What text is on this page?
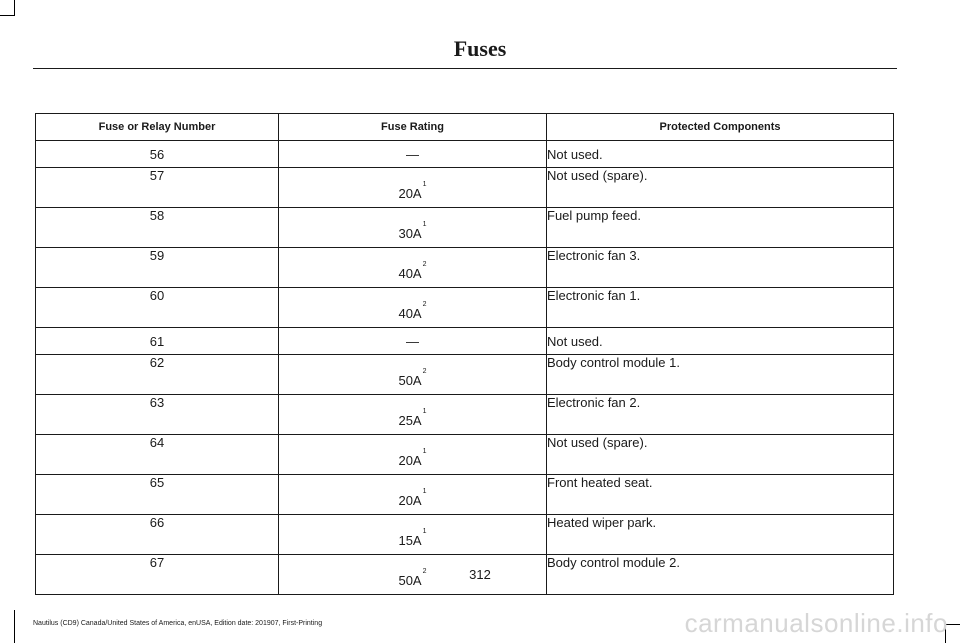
Fuses
Fuse or Relay Number	Fuse Rating	Protected Components
56	—	Not used.
57	20A$^1$	Not used (spare).
58	30A$^1$	Fuel pump feed.
59	40A$^2$	Electronic fan 3.
60	40A$^2$	Electronic fan 1.
61	—	Not used.
62	50A$^2$	Body control module 1.
63	25A$^1$	Electronic fan 2.
64	20A$^1$	Not used (spare).
65	20A$^1$	Front heated seat.
66	15A$^1$	Heated wiper park.
67	50A$^2$	Body control module 2.
312
Nautilus (CD9) Canada/United States of America, enUSA, Edition date: 201907, First-Printing	carmanualsonline.info
